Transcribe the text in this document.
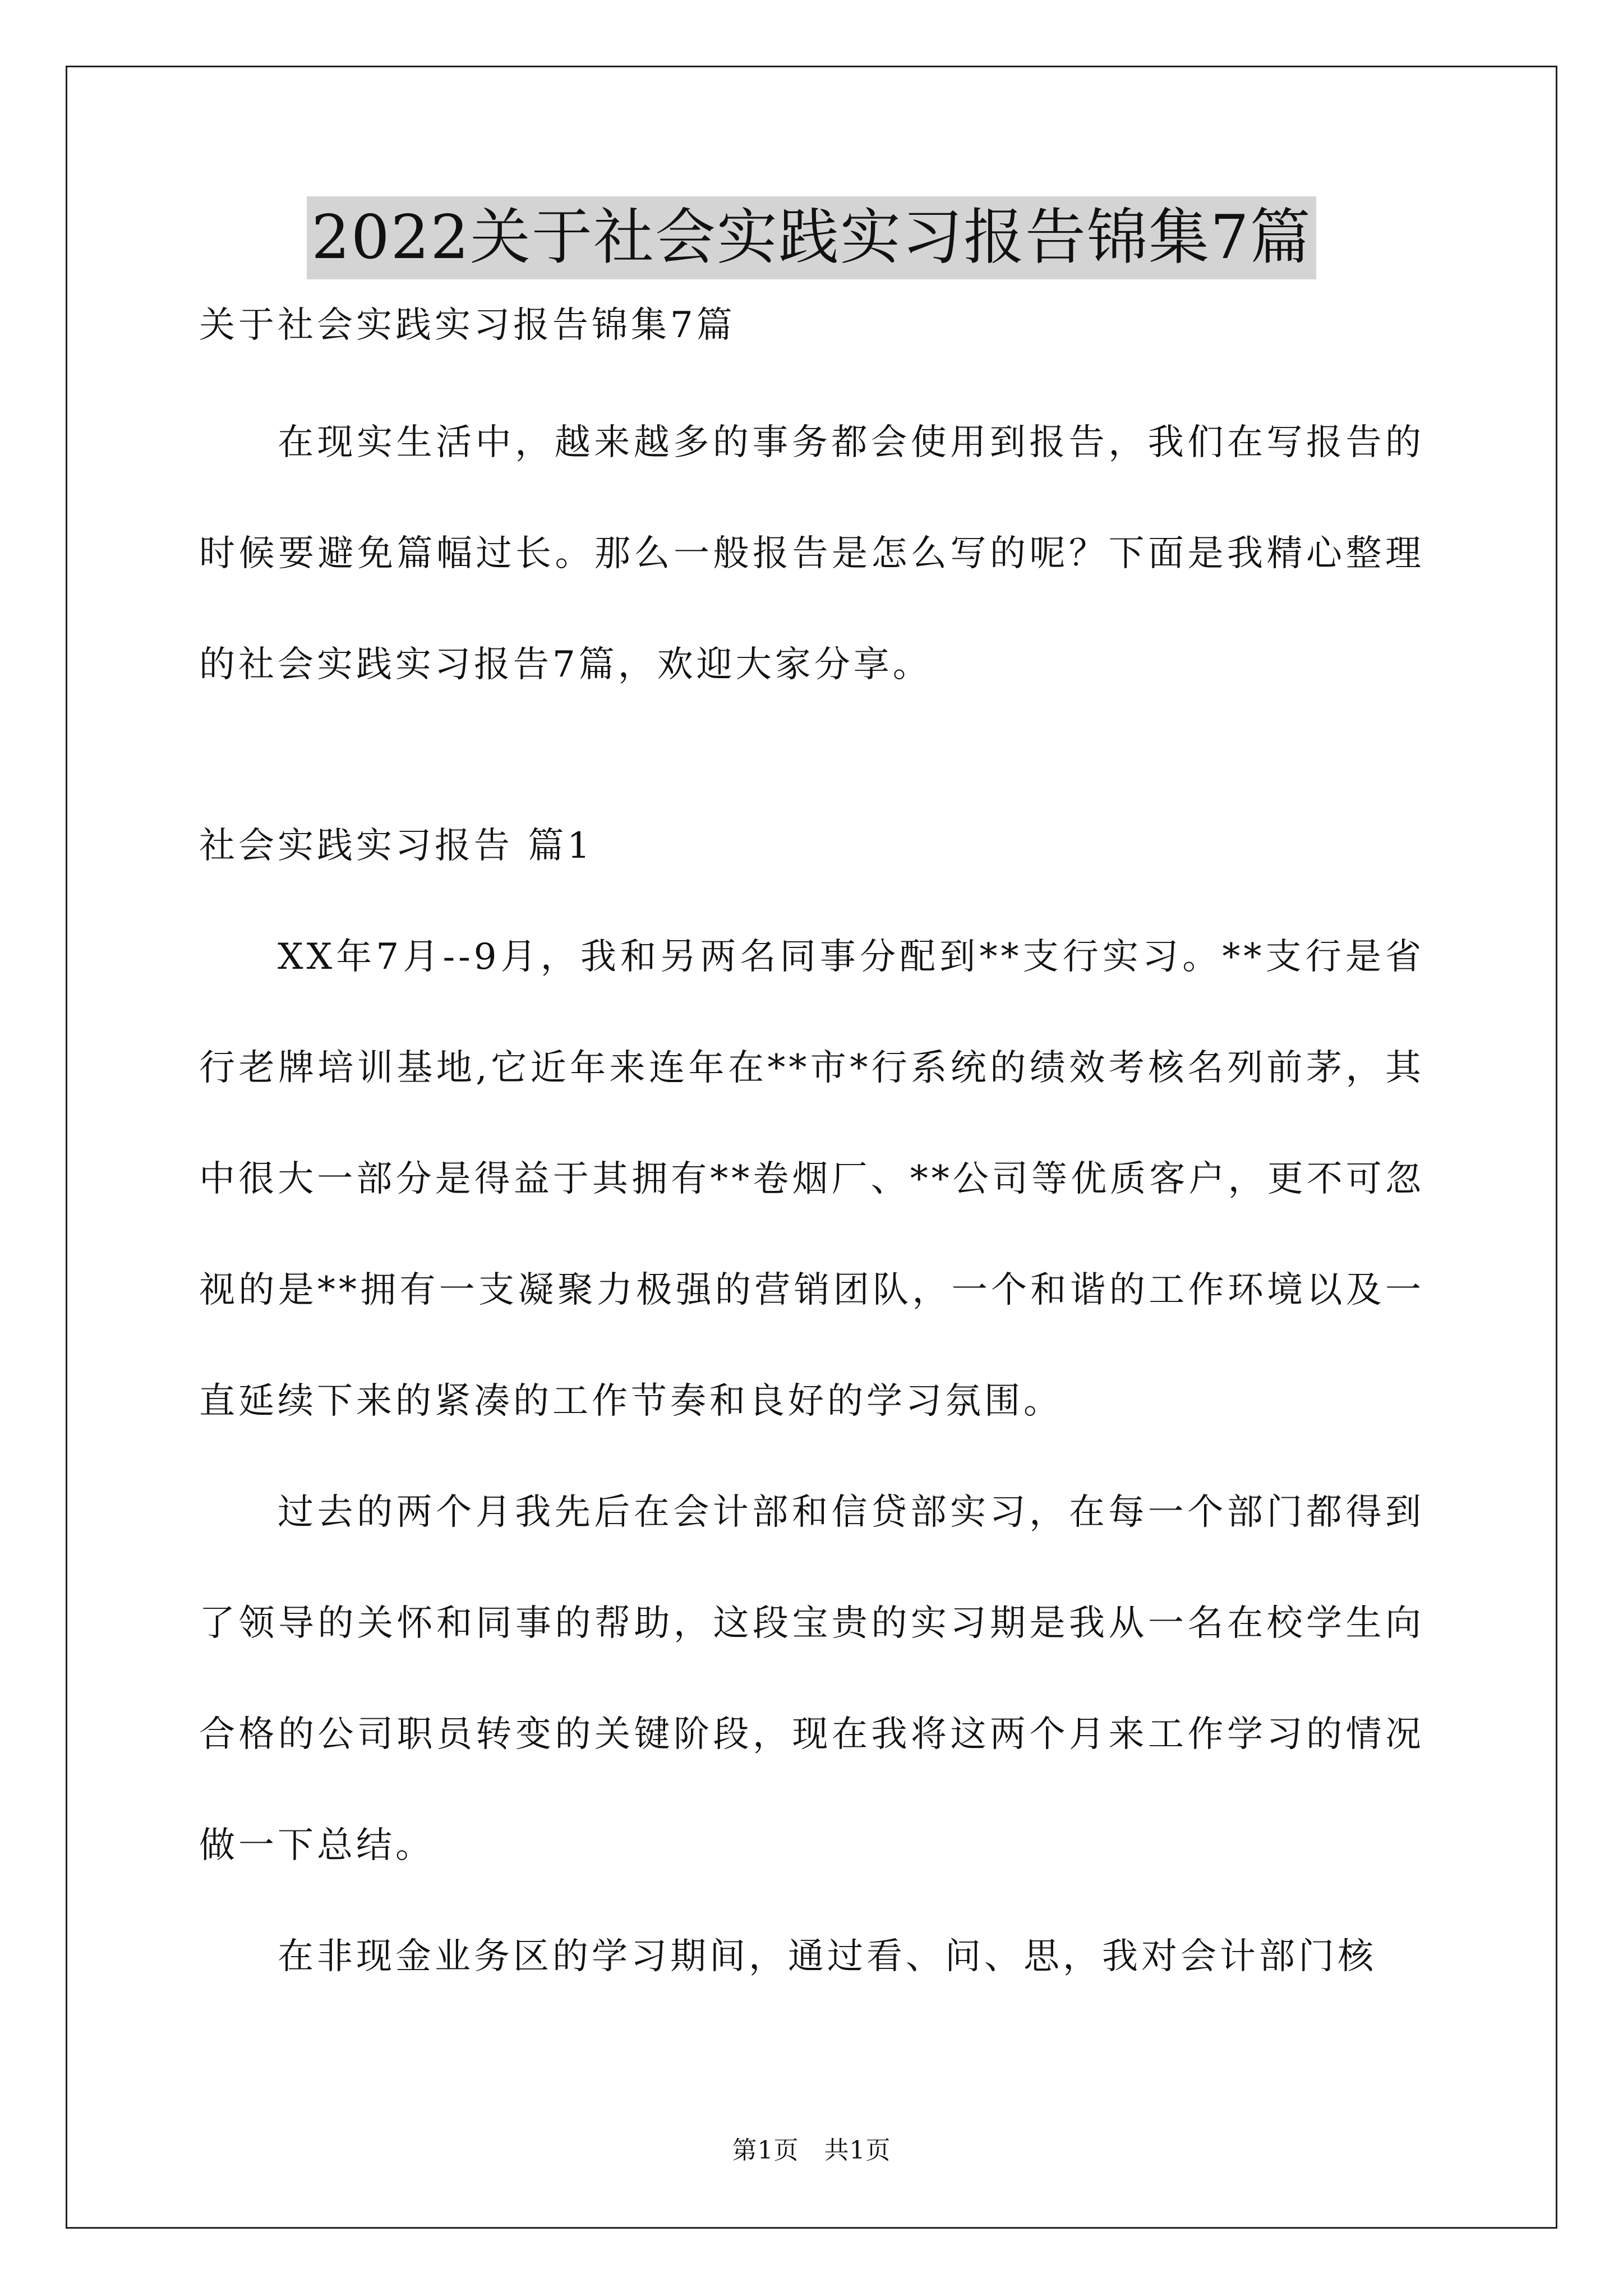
2022关于社会实践实习报告锦集7篇

关于社会实践实习报告锦集7篇

在现实生活中，越来越多的事务都会使用到报告，我们在写报告的时候要避免篇幅过长。那么一般报告是怎么写的呢？下面是我精心整理的社会实践实习报告7篇，欢迎大家分享。

社会实践实习报告 篇1

XX年7月--9月，我和另两名同事分配到**支行实习。**支行是省行老牌培训基地,它近年来连年在**市*行系统的绩效考核名列前茅，其中很大一部分是得益于其拥有**卷烟厂、**公司等优质客户，更不可忽视的是**拥有一支凝聚力极强的营销团队，一个和谐的工作环境以及一直延续下来的紧凑的工作节奏和良好的学习氛围。

过去的两个月我先后在会计部和信贷部实习，在每一个部门都得到了领导的关怀和同事的帮助，这段宝贵的实习期是我从一名在校学生向合格的公司职员转变的关键阶段，现在我将这两个月来工作学习的情况做一下总结。

在非现金业务区的学习期间，通过看、问、思，我对会计部门核

第1页 共1页
